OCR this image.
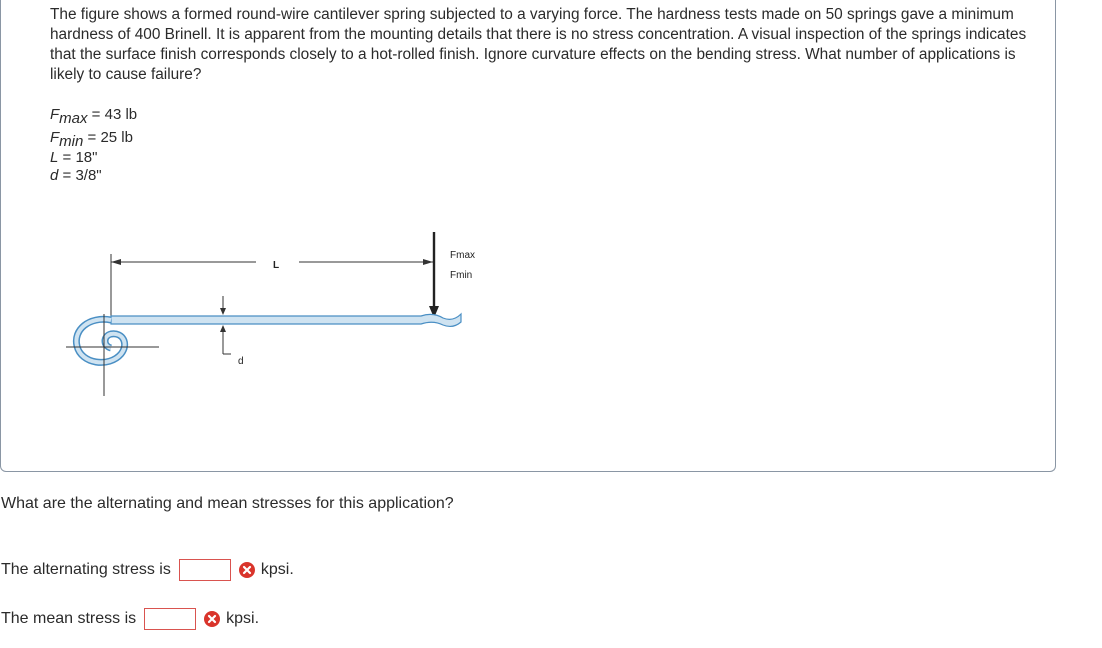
The figure shows a formed round-wire cantilever spring subjected to a varying force. The hardness tests made on 50 springs gave a minimum hardness of 400 Brinell. It is apparent from the mounting details that there is no stress concentration. A visual inspection of the springs indicates that the surface finish corresponds closely to a hot-rolled finish. Ignore curvature effects on the bending stress. What number of applications is likely to cause failure?

$F_{max} = 43$ lb
$F_{min} = 25$ lb
L = 18"
d = 3/8"
L
Fmax
Fmin
d

What are the alternating and mean stresses for this application?

The alternating stress is	kpsi.
The mean stress is	kpsi.
